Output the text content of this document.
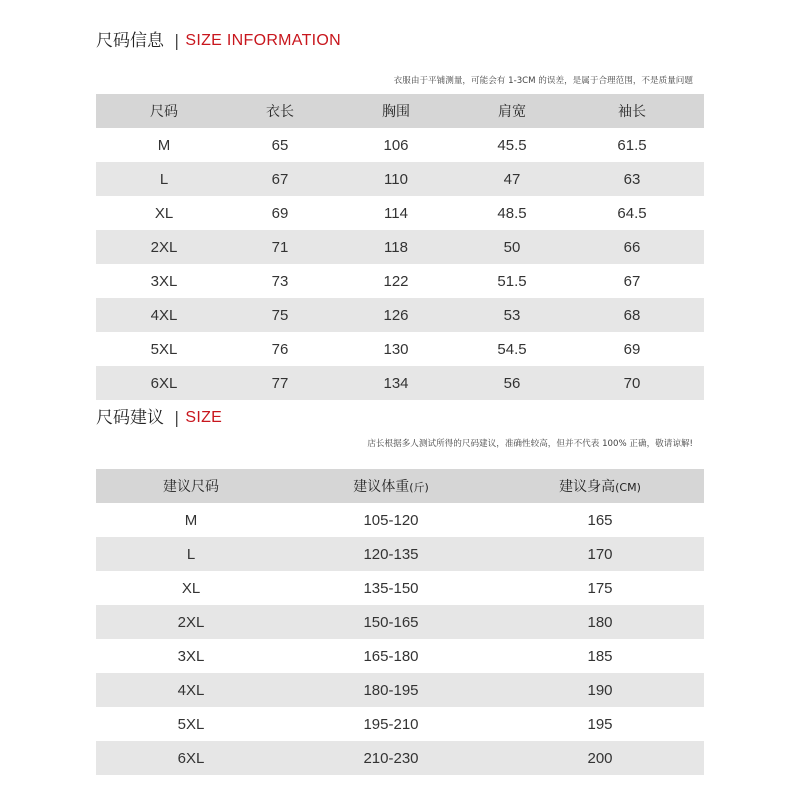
尺码信息 | SIZE INFORMATION
衣服由于平铺测量，可能会有 1-3CM 的误差，是属于合理范围，不是质量问题
尺码	衣长	胸围	肩宽	袖长
M	65	106	45.5	61.5
L	67	110	47	63
XL	69	114	48.5	64.5
2XL	71	118	50	66
3XL	73	122	51.5	67
4XL	75	126	53	68
5XL	76	130	54.5	69
6XL	77	134	56	70
尺码建议 | SIZE
店长根据多人测试所得的尺码建议，准确性较高，但并不代表 100% 正确，敬请谅解!
建议尺码	建议体重(斤)	建议身高(CM)
M	105-120	165
L	120-135	170
XL	135-150	175
2XL	150-165	180
3XL	165-180	185
4XL	180-195	190
5XL	195-210	195
6XL	210-230	200
